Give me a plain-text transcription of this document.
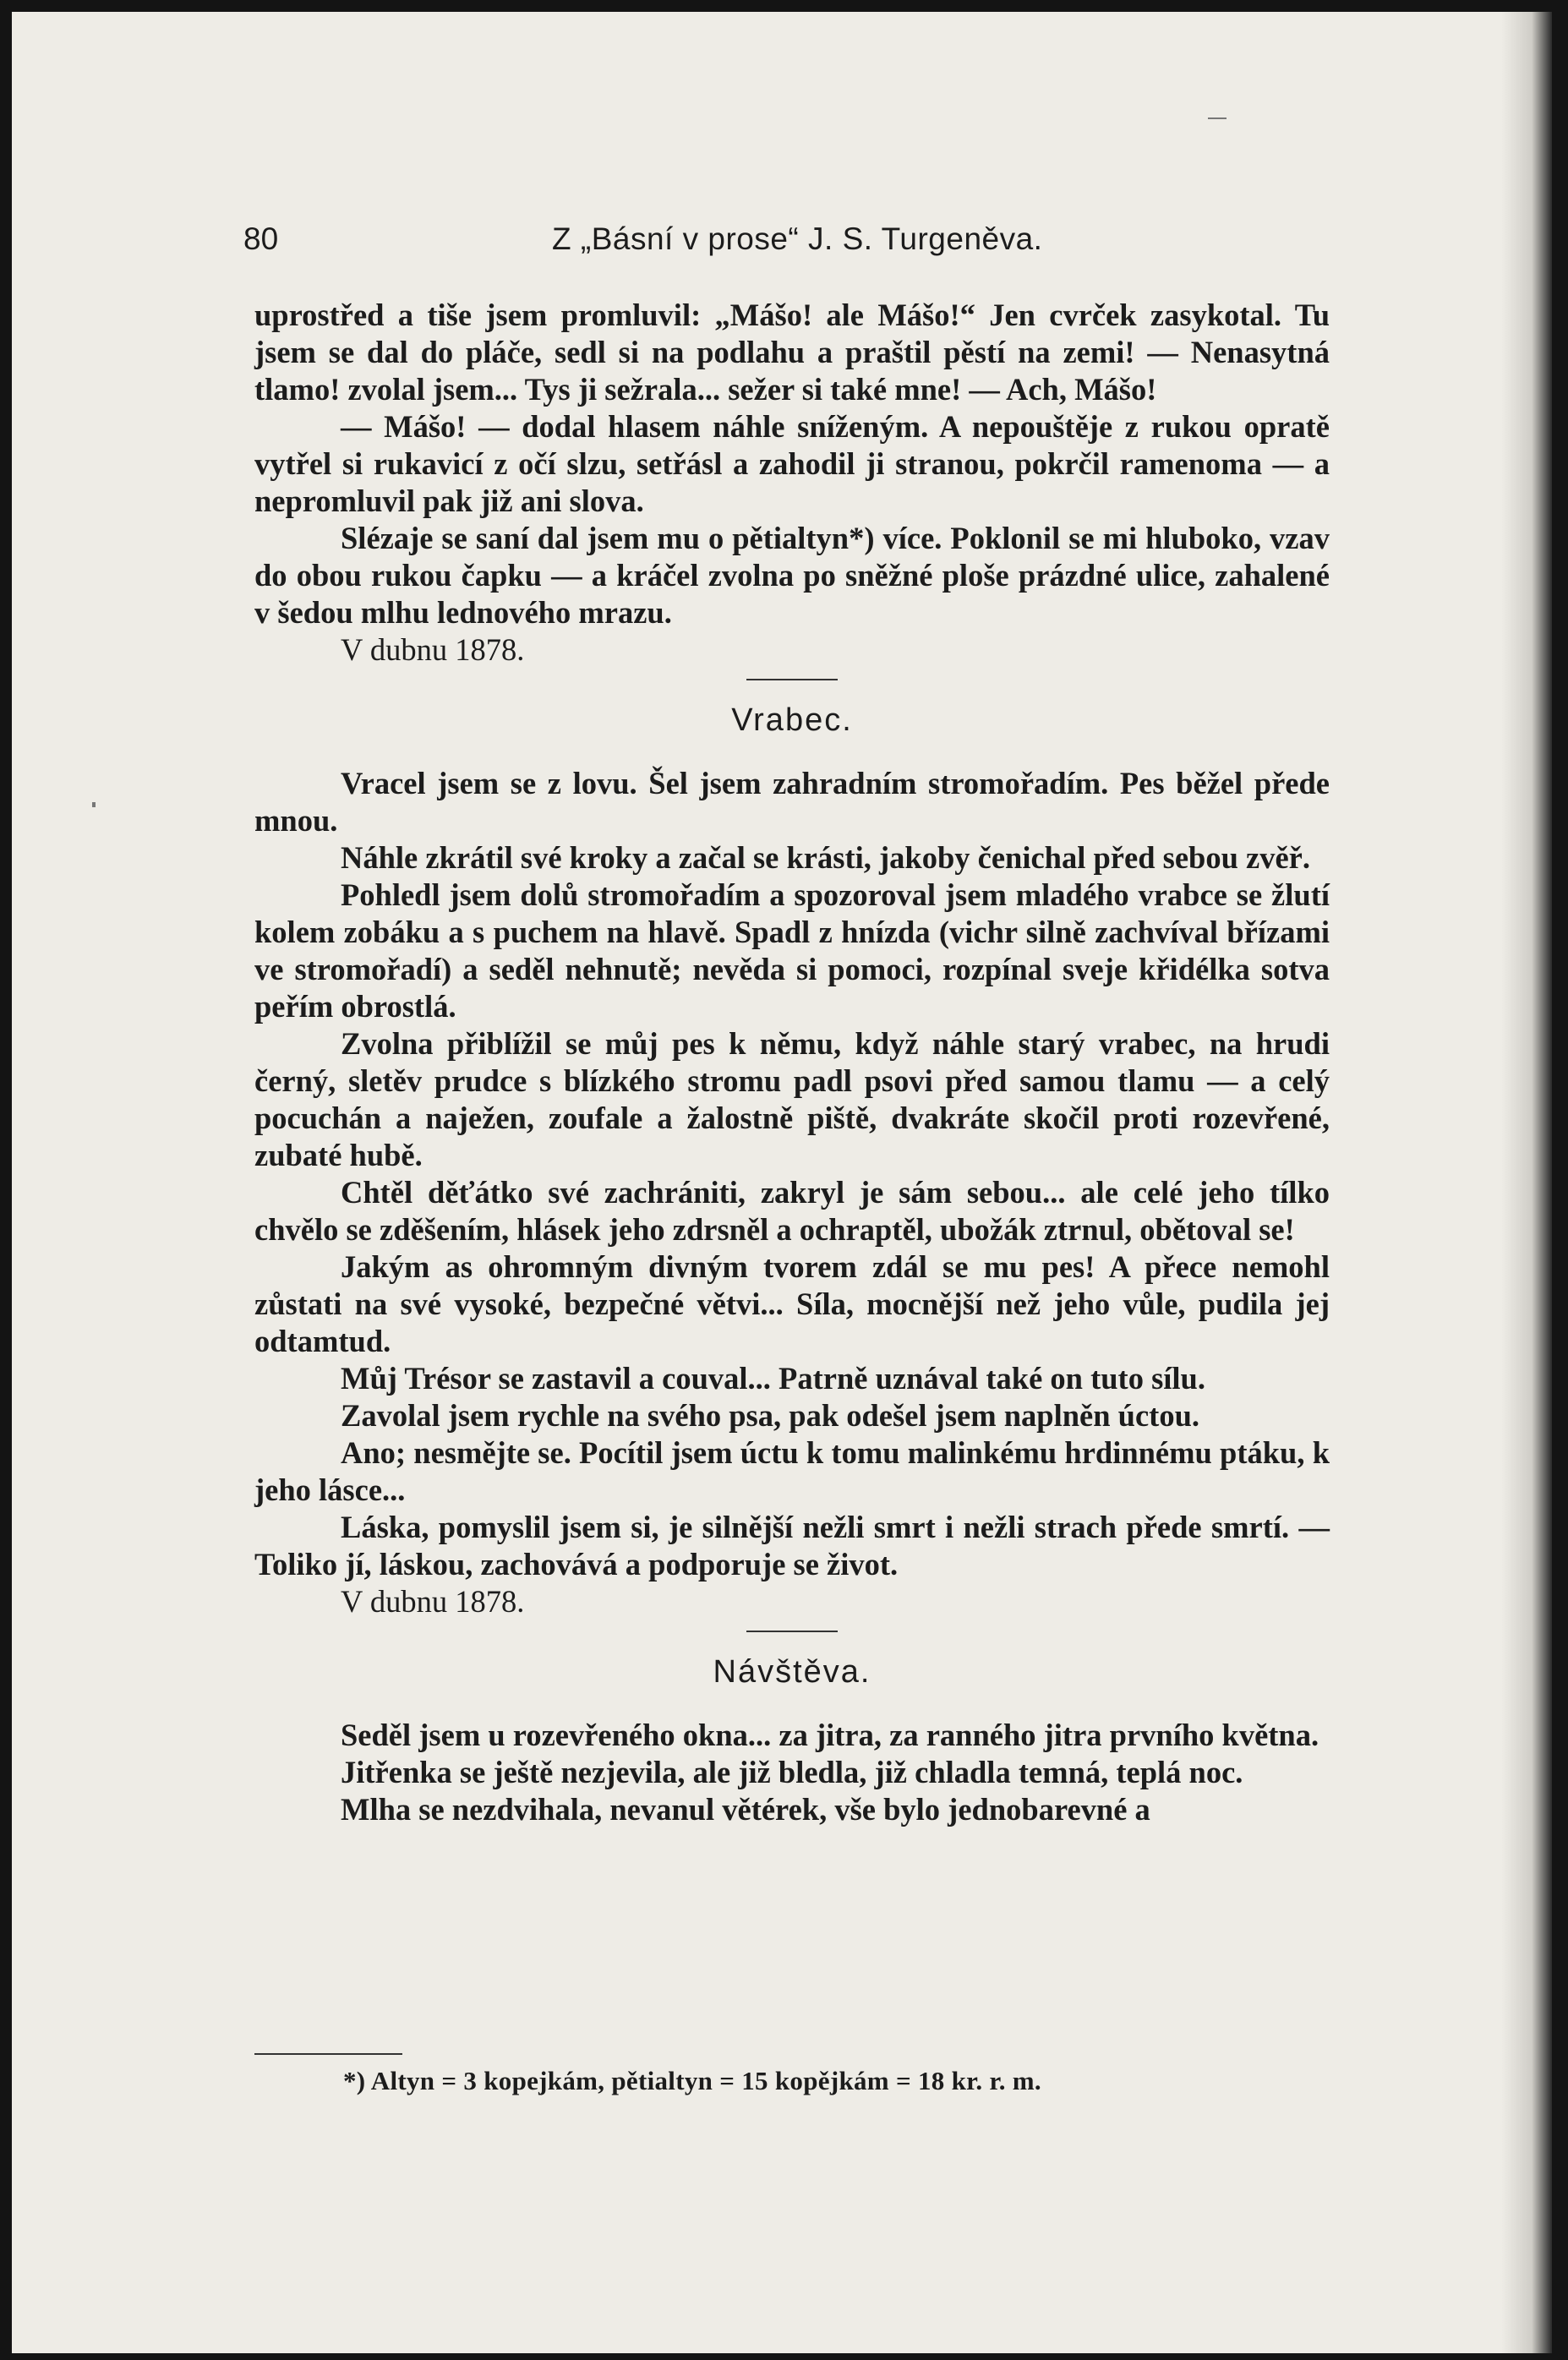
80	Z „Básní v prose“ J. S. Turgeněva.

uprostřed a tiše jsem promluvil: „Mášo! ale Mášo!“ Jen cvrček zasykotal. Tu jsem se dal do pláče, sedl si na podlahu a praštil pěstí na zemi! — Nenasytná tlamo! zvolal jsem... Tys ji sežrala... sežer si také mne! — Ach, Mášo!

— Mášo! — dodal hlasem náhle sníženým. A nepouštěje z rukou opratě vytřel si rukavicí z očí slzu, setřásl a zahodil ji stranou, pokrčil ramenoma — a nepromluvil pak již ani slova.

Slézaje se saní dal jsem mu o pětialtyn*) více. Poklonil se mi hluboko, vzav do obou rukou čapku — a kráčel zvolna po sněžné ploše prázdné ulice, zahalené v šedou mlhu lednového mrazu.

V dubnu 1878.

Vrabec.

Vracel jsem se z lovu. Šel jsem zahradním stromořadím. Pes běžel přede mnou.

Náhle zkrátil své kroky a začal se krásti, jakoby čenichal před sebou zvěř.

Pohledl jsem dolů stromořadím a spozoroval jsem mladého vrabce se žlutí kolem zobáku a s puchem na hlavě. Spadl z hnízda (vichr silně zachvíval břízami ve stromořadí) a seděl nehnutě; nevěda si pomoci, rozpínal sveje křidélka sotva peřím obrostlá.

Zvolna přiblížil se můj pes k němu, když náhle starý vrabec, na hrudi černý, sletěv prudce s blízkého stromu padl psovi před samou tlamu — a celý pocuchán a naježen, zoufale a žalostně piště, dvakráte skočil proti rozevřené, zubaté hubě.

Chtěl děťátko své zachrániti, zakryl je sám sebou... ale celé jeho tílko chvělo se zděšením, hlásek jeho zdrsněl a ochraptěl, ubožák ztrnul, obětoval se!

Jakým as ohromným divným tvorem zdál se mu pes! A přece nemohl zůstati na své vysoké, bezpečné větvi... Síla, mocnější než jeho vůle, pudila jej odtamtud.

Můj Trésor se zastavil a couval... Patrně uznával také on tuto sílu.

Zavolal jsem rychle na svého psa, pak odešel jsem naplněn úctou.

Ano; nesmějte se. Pocítil jsem úctu k tomu malinkému hrdinnému ptáku, k jeho lásce...

Láska, pomyslil jsem si, je silnější nežli smrt i nežli strach přede smrtí. — Toliko jí, láskou, zachovává a podporuje se život.

V dubnu 1878.

Návštěva.

Seděl jsem u rozevřeného okna... za jitra, za ranného jitra prvního května.

Jitřenka se ještě nezjevila, ale již bledla, již chladla temná, teplá noc.

Mlha se nezdvihala, nevanul větérek, vše bylo jednobarevné a

*) Altyn = 3 kopejkám, pětialtyn = 15 kopějkám = 18 kr. r. m.
